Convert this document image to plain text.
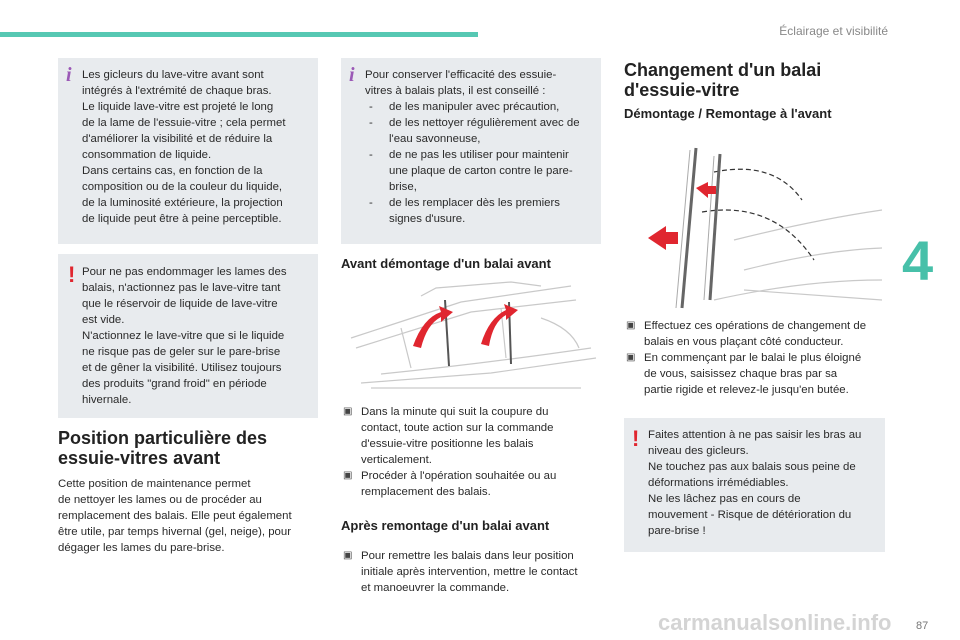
Éclairage et visibilité
4
87
i Les gicleurs du lave-vitre avant sont

intégrés à l'extrémité de chaque bras.

Le liquide lave-vitre est projeté le long

de la lame de l'essuie-vitre ; cela permet

d'améliorer la visibilité et de réduire la

consommation de liquide.

Dans certains cas, en fonction de la

composition ou de la couleur du liquide,

de la luminosité extérieure, la projection

de liquide peut être à peine perceptible.

! Pour ne pas endommager les lames des

balais, n'actionnez pas le lave-vitre tant

que le réservoir de liquide de lave-vitre

est vide.

N'actionnez le lave-vitre que si le liquide

ne risque pas de geler sur le pare-brise

et de gêner la visibilité. Utilisez toujours

des produits "grand froid" en période

hivernale.

Position particulière des
essuie-vitres avant

Cette position de maintenance permet

de nettoyer les lames ou de procéder au

remplacement des balais. Elle peut également

être utile, par temps hivernal (gel, neige), pour

dégager les lames du pare-brise.

i Pour conserver l'efficacité des essuie-

vitres à balais plats, il est conseillé :

- de les manipuler avec précaution,
- de les nettoyer régulièrement avec de
l'eau savonneuse,
- de ne pas les utiliser pour maintenir
une plaque de carton contre le pare-
brise,
- de les remplacer dès les premiers
signes d'usure.
Avant démontage d'un balai avant
▣ Dans la minute qui suit la coupure du
contact, toute action sur la commande
d'essuie-vitre positionne les balais
verticalement.
▣ Procéder à l'opération souhaitée ou au
remplacement des balais.
Après remontage d'un balai avant
▣ Pour remettre les balais dans leur position
initiale après intervention, mettre le contact
et manoeuvrer la commande.
Changement d'un balai
d'essuie-vitre
Démontage / Remontage à l'avant
▣ Effectuez ces opérations de changement de
balais en vous plaçant côté conducteur.
▣ En commençant par le balai le plus éloigné
de vous, saisissez chaque bras par sa
partie rigide et relevez-le jusqu'en butée.
! Faites attention à ne pas saisir les bras au

niveau des gicleurs.

Ne touchez pas aux balais sous peine de

déformations irrémédiables.

Ne les lâchez pas en cours de

mouvement - Risque de détérioration du

pare-brise !

carmanualsonline.info
